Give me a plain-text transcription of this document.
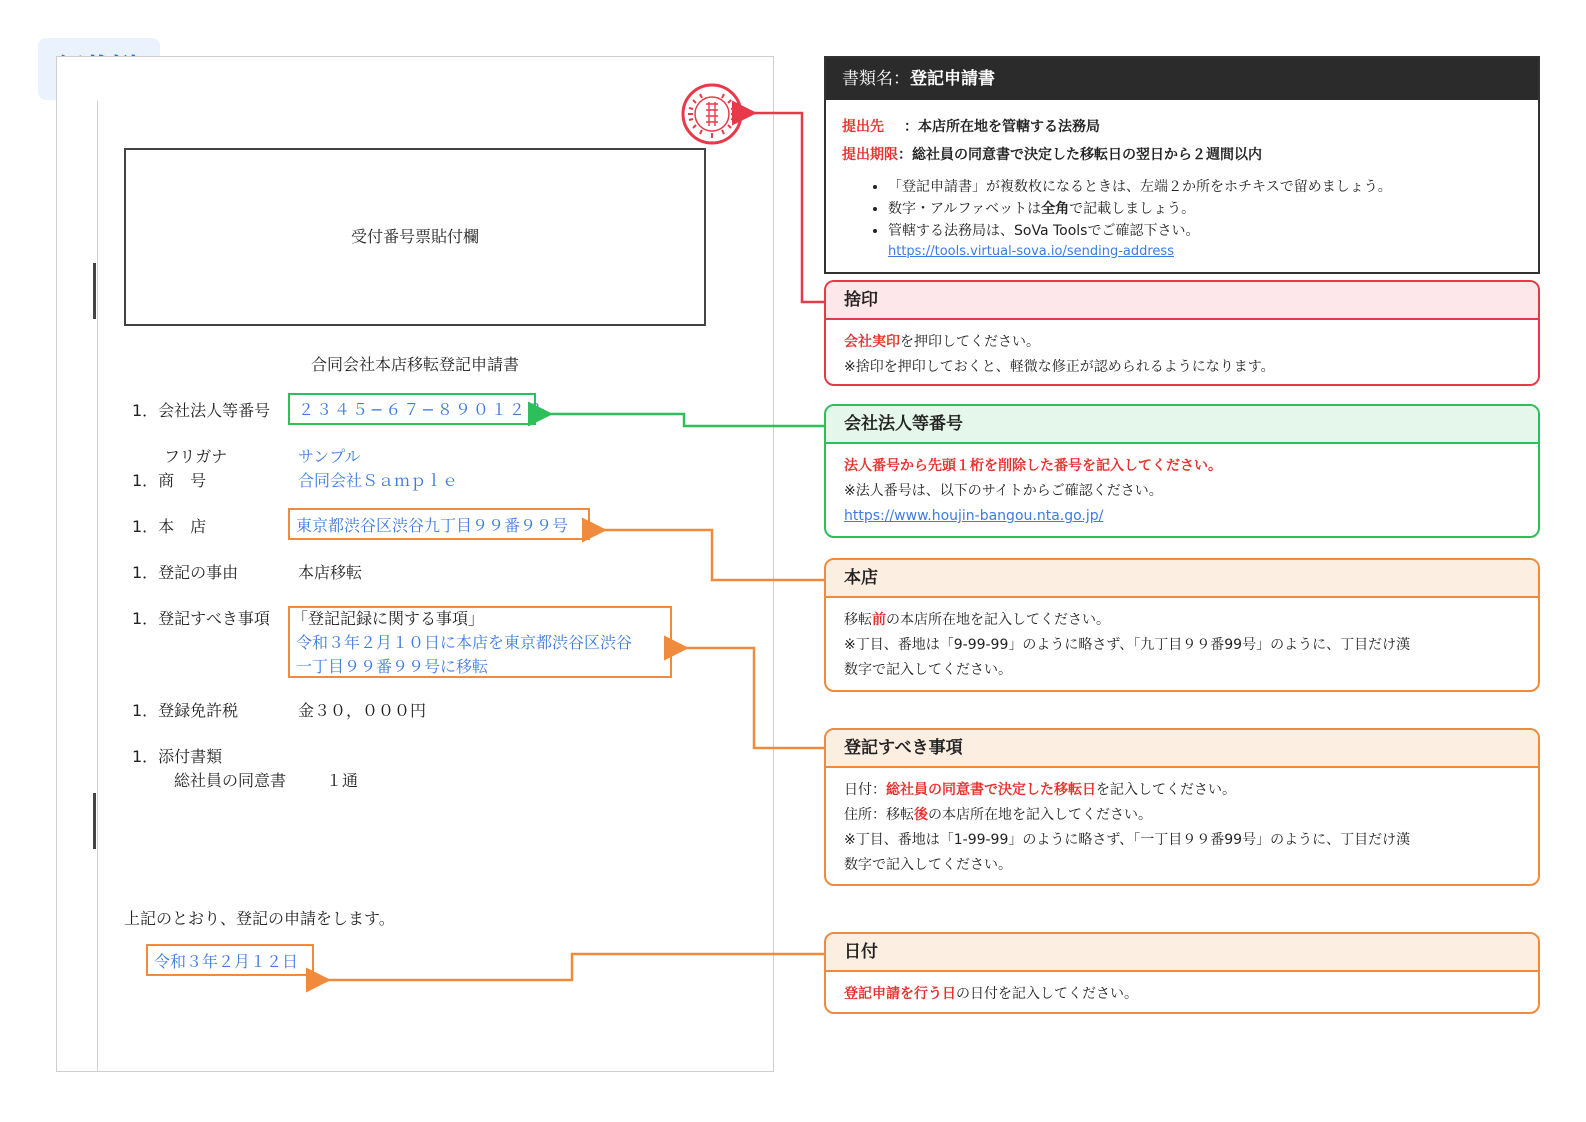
受付番号票貼付欄
合同会社本店移転登記申請書
1．会社法人等番号 ２３４５−６７−８９０１２３
フリガナ	サンプル
1．商　号	合同会社Ｓａｍｐｌｅ
1．本　店	東京都渋谷区渋谷九丁目９９番９９号
1．登記の事由	本店移転
1．登記すべき事項 「登記記録に関する事項」
令和３年２月１０日に本店を東京都渋谷区渋谷
一丁目９９番９９号に移転
1．登録免許税	金３０，０００円
1．添付書類
総社員の同意書 １通
上記のとおり、登記の申請をします。
令和３年２月１２日
書類名：登記申請書
提出先 ：本店所在地を管轄する法務局
提出期限：総社員の同意書で決定した移転日の翌日から２週間以内
• 「登記申請書」が複数枚になるときは、左端２か所をホチキスで留めましょう。
• 数字・アルファベットは全角で記載しましょう。
• 管轄する法務局は、SoVa Toolsでご確認下さい。
https://tools.virtual-sova.io/sending-address
捨印
会社実印を押印してください。
※捨印を押印しておくと、軽微な修正が認められるようになります。
会社法人等番号
法人番号から先頭１桁を削除した番号を記入してください。
※法人番号は、以下のサイトからご確認ください。
https://www.houjin-bangou.nta.go.jp/
本店
移転前の本店所在地を記入してください。
※丁目、番地は「9-99-99」のように略さず、「九丁目９９番99号」のように、丁目だけ漢
数字で記入してください。
登記すべき事項
日付：総社員の同意書で決定した移転日を記入してください。
住所：移転後の本店所在地を記入してください。
※丁目、番地は「1-99-99」のように略さず、「一丁目９９番99号」のように、丁目だけ漢
数字で記入してください。
日付
登記申請を行う日の日付を記入してください。
